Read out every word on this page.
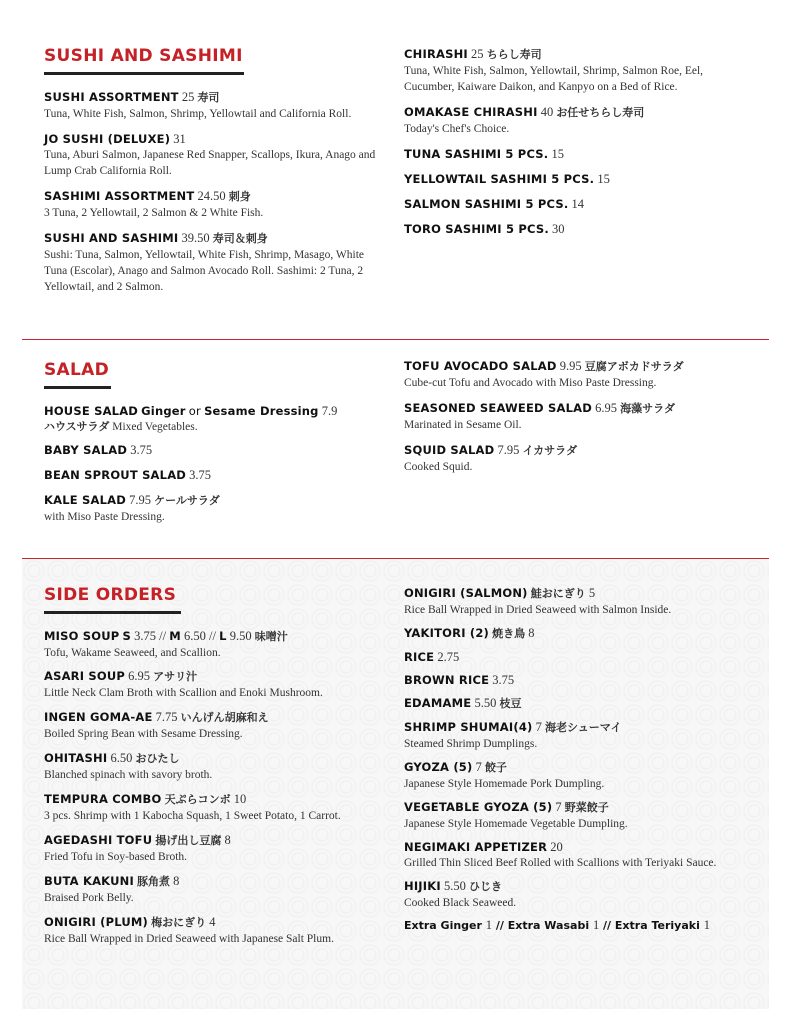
SUSHI AND SASHIMI
SUSHI ASSORTMENT 25 寿司
Tuna, White Fish, Salmon, Shrimp, Yellowtail and California Roll.
JO SUSHI (DELUXE) 31
Tuna, Aburi Salmon, Japanese Red Snapper, Scallops, Ikura, Anago and Lump Crab California Roll.
SASHIMI ASSORTMENT 24.50 刺身
3 Tuna, 2 Yellowtail, 2 Salmon & 2 White Fish.
SUSHI AND SASHIMI 39.50 寿司＆刺身
Sushi: Tuna, Salmon, Yellowtail, White Fish, Shrimp, Masago, White Tuna (Escolar), Anago and Salmon Avocado Roll. Sashimi: 2 Tuna, 2 Yellowtail, and 2 Salmon.
CHIRASHI 25 ちらし寿司
Tuna, White Fish, Salmon, Yellowtail, Shrimp, Salmon Roe, Eel, Cucumber, Kaiware Daikon, and Kanpyo on a Bed of Rice.
OMAKASE CHIRASHI 40 お任せちらし寿司
Today's Chef's Choice.
TUNA SASHIMI 5 PCS. 15
YELLOWTAIL SASHIMI 5 PCS. 15
SALMON SASHIMI 5 PCS. 14
TORO SASHIMI 5 PCS. 30
SALAD
HOUSE SALAD Ginger or Sesame Dressing 7.9
ハウスサラダ Mixed Vegetables.
BABY SALAD 3.75
BEAN SPROUT SALAD 3.75
KALE SALAD 7.95 ケールサラダ
with Miso Paste Dressing.
TOFU AVOCADO SALAD 9.95 豆腐アボカドサラダ
Cube-cut Tofu and Avocado with Miso Paste Dressing.
SEASONED SEAWEED SALAD 6.95 海藻サラダ
Marinated in Sesame Oil.
SQUID SALAD 7.95 イカサラダ
Cooked Squid.
SIDE ORDERS
MISO SOUP S 3.75 // M 6.50 // L 9.50 味噌汁
Tofu, Wakame Seaweed, and Scallion.
ASARI SOUP 6.95 アサリ汁
Little Neck Clam Broth with Scallion and Enoki Mushroom.
INGEN GOMA-AE 7.75 いんげん胡麻和え
Boiled Spring Bean with Sesame Dressing.
OHITASHI 6.50 おひたし
Blanched spinach with savory broth.
TEMPURA COMBO 天ぷらコンボ 10
3 pcs. Shrimp with 1 Kabocha Squash, 1 Sweet Potato, 1 Carrot.
AGEDASHI TOFU 揚げ出し豆腐 8
Fried Tofu in Soy-based Broth.
BUTA KAKUNI 豚角煮 8
Braised Pork Belly.
ONIGIRI (PLUM) 梅おにぎり 4
Rice Ball Wrapped in Dried Seaweed with Japanese Salt Plum.
ONIGIRI (SALMON) 鮭おにぎり 5
Rice Ball Wrapped in Dried Seaweed with Salmon Inside.
YAKITORI (2) 焼き鳥 8
RICE 2.75
BROWN RICE 3.75
EDAMAME 5.50 枝豆
SHRIMP SHUMAI(4) 7 海老シューマイ
Steamed Shrimp Dumplings.
GYOZA (5) 7 餃子
Japanese Style Homemade Pork Dumpling.
VEGETABLE GYOZA (5) 7 野菜餃子
Japanese Style Homemade Vegetable Dumpling.
NEGIMAKI APPETIZER 20
Grilled Thin Sliced Beef Rolled with Scallions with Teriyaki Sauce.
HIJIKI 5.50 ひじき
Cooked Black Seaweed.
Extra Ginger 1 // Extra Wasabi 1 // Extra Teriyaki 1
